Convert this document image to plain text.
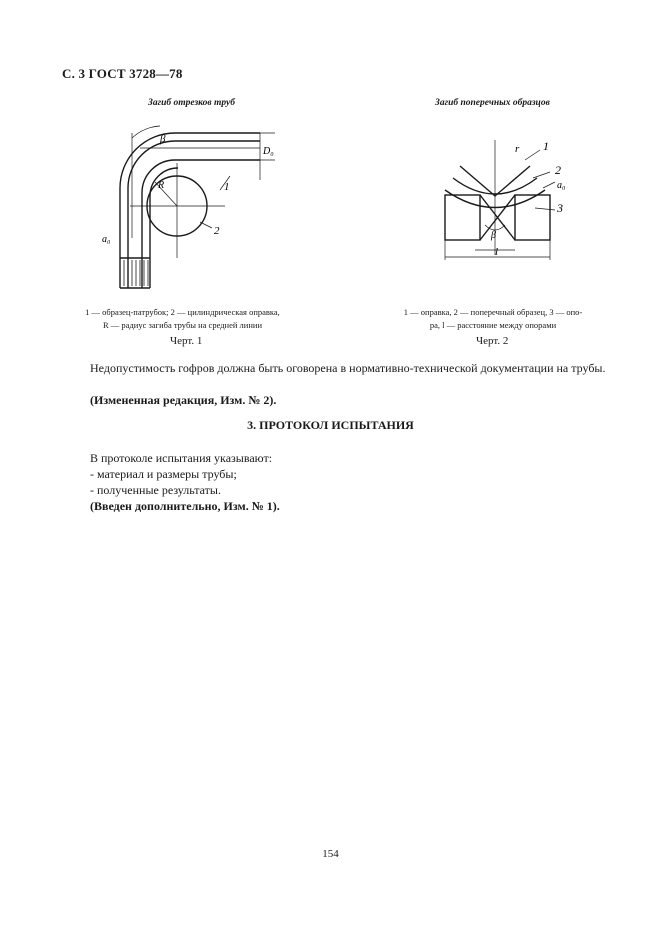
С. 3 ГОСТ 3728—78
Загиб отрезков труб	Загиб поперечных образцов
β
D₀
1
R
2
a₀
r 1
2
a₀
3
β
l
1 — образец-патрубок; 2 — цилиндрическая оправка,
R — радиус загиба трубы на средней линии
1 — оправка, 2 — поперечный образец, 3 — опо-
ра, l — расстояние между опорами
Черт. 1	Черт. 2
Недопустимость гофров должна быть оговорена в нормативно-технической документации на трубы.
(Измененная редакция, Изм. № 2).
3. ПРОТОКОЛ ИСПЫТАНИЯ
В протоколе испытания указывают:
- материал и размеры трубы;
- полученные результаты.
(Введен дополнительно, Изм. № 1).
154
